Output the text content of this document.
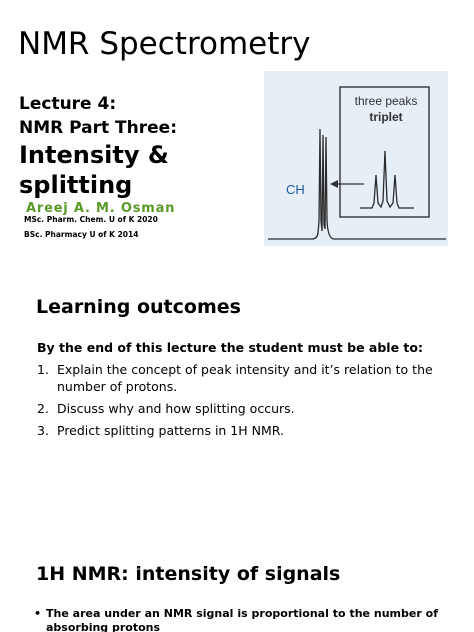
NMR Spectrometry
Lecture 4:
NMR Part Three:
Intensity &
splitting
Areej A. M. Osman
MSc. Pharm. Chem. U of K 2020
BSc. Pharmacy U of K 2014
three peaks
triplet
CH
Learning outcomes
By the end of this lecture the student must be able to:
1. Explain the concept of peak intensity and it’s relation to the number of protons.
2. Discuss why and how splitting occurs.
3. Predict splitting patterns in 1H NMR.
1H NMR: intensity of signals
• The area under an NMR signal is proportional to the number of absorbing protons
